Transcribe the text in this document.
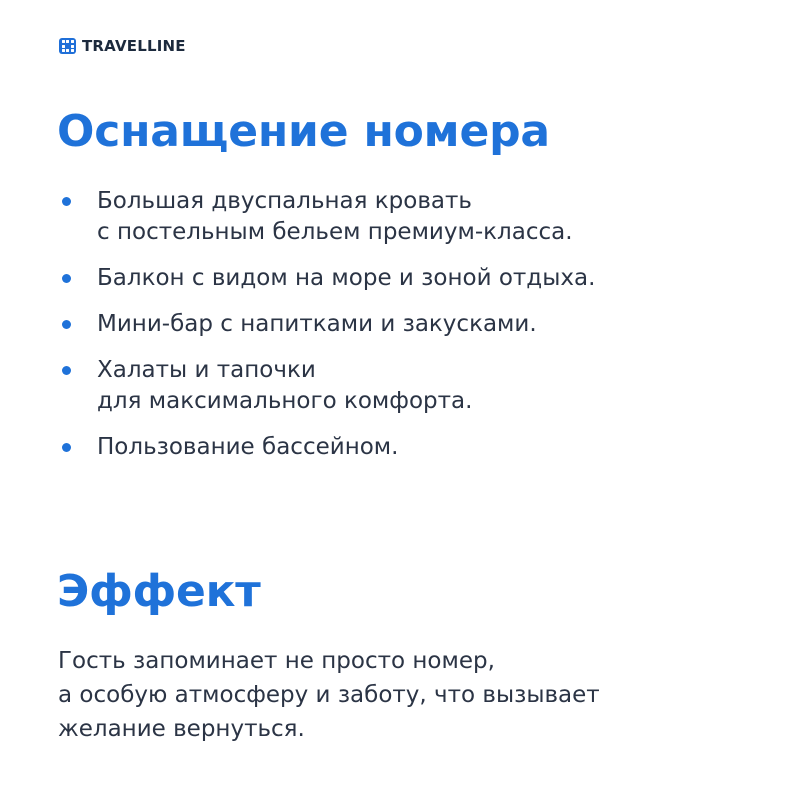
TRAVELLINE
Оснащение номера
Большая двуспальная кровать
с постельным бельем премиум-класса.
Балкон с видом на море и зоной отдыха.
Мини-бар с напитками и закусками.
Халаты и тапочки
для максимального комфорта.
Пользование бассейном.
Эффект

Гость запоминает не просто номер,
а особую атмосферу и заботу, что вызывает
желание вернуться.
